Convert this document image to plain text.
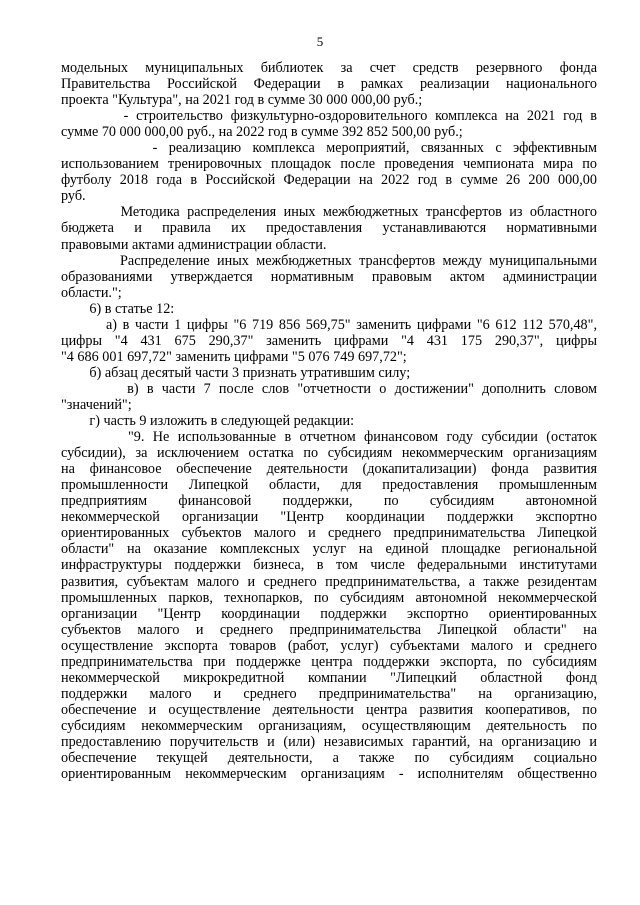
5

модельных муниципальных библиотек за счет средств резервного фонда

Правительства Российской Федерации в рамках реализации национального

проекта "Культура", на 2021 год в сумме 30 000 000,00 руб.;

- строительство физкультурно-оздоровительного комплекса на 2021 год в

сумме 70 000 000,00 руб., на 2022 год в сумме 392 852 500,00 руб.;

- реализацию комплекса мероприятий, связанных с эффективным

использованием тренировочных площадок после проведения чемпионата мира по

футболу 2018 года в Российской Федерации на 2022 год в сумме 26 200 000,00

руб.

Методика распределения иных межбюджетных трансфертов из областного

бюджета и правила их предоставления устанавливаются нормативными

правовыми актами администрации области.

Распределение иных межбюджетных трансфертов между муниципальными

образованиями утверждается нормативным правовым актом администрации

области.";

6) в статье 12:

а) в части 1 цифры "6 719 856 569,75" заменить цифрами "6 612 112 570,48",

цифры "4 431 675 290,37" заменить цифрами "4 431 175 290,37", цифры

"4 686 001 697,72" заменить цифрами "5 076 749 697,72";

б) абзац десятый части 3 признать утратившим силу;

в) в части 7 после слов "отчетности о достижении" дополнить словом

"значений";

г) часть 9 изложить в следующей редакции:

"9. Не использованные в отчетном финансовом году субсидии (остаток

субсидии), за исключением остатка по субсидиям некоммерческим организациям

на финансовое обеспечение деятельности (докапитализации) фонда развития

промышленности Липецкой области, для предоставления промышленным

предприятиям финансовой поддержки, по субсидиям автономной

некоммерческой организации "Центр координации поддержки экспортно

ориентированных субъектов малого и среднего предпринимательства Липецкой

области" на оказание комплексных услуг на единой площадке региональной

инфраструктуры поддержки бизнеса, в том числе федеральными институтами

развития, субъектам малого и среднего предпринимательства, а также резидентам

промышленных парков, технопарков, по субсидиям автономной некоммерческой

организации "Центр координации поддержки экспортно ориентированных

субъектов малого и среднего предпринимательства Липецкой области" на

осуществление экспорта товаров (работ, услуг) субъектами малого и среднего

предпринимательства при поддержке центра поддержки экспорта, по субсидиям

некоммерческой микрокредитной компании "Липецкий областной фонд

поддержки малого и среднего предпринимательства" на организацию,

обеспечение и осуществление деятельности центра развития кооперативов, по

субсидиям некоммерческим организациям, осуществляющим деятельность по

предоставлению поручительств и (или) независимых гарантий, на организацию и

обеспечение текущей деятельности, а также по субсидиям социально

ориентированным некоммерческим организациям - исполнителям общественно
